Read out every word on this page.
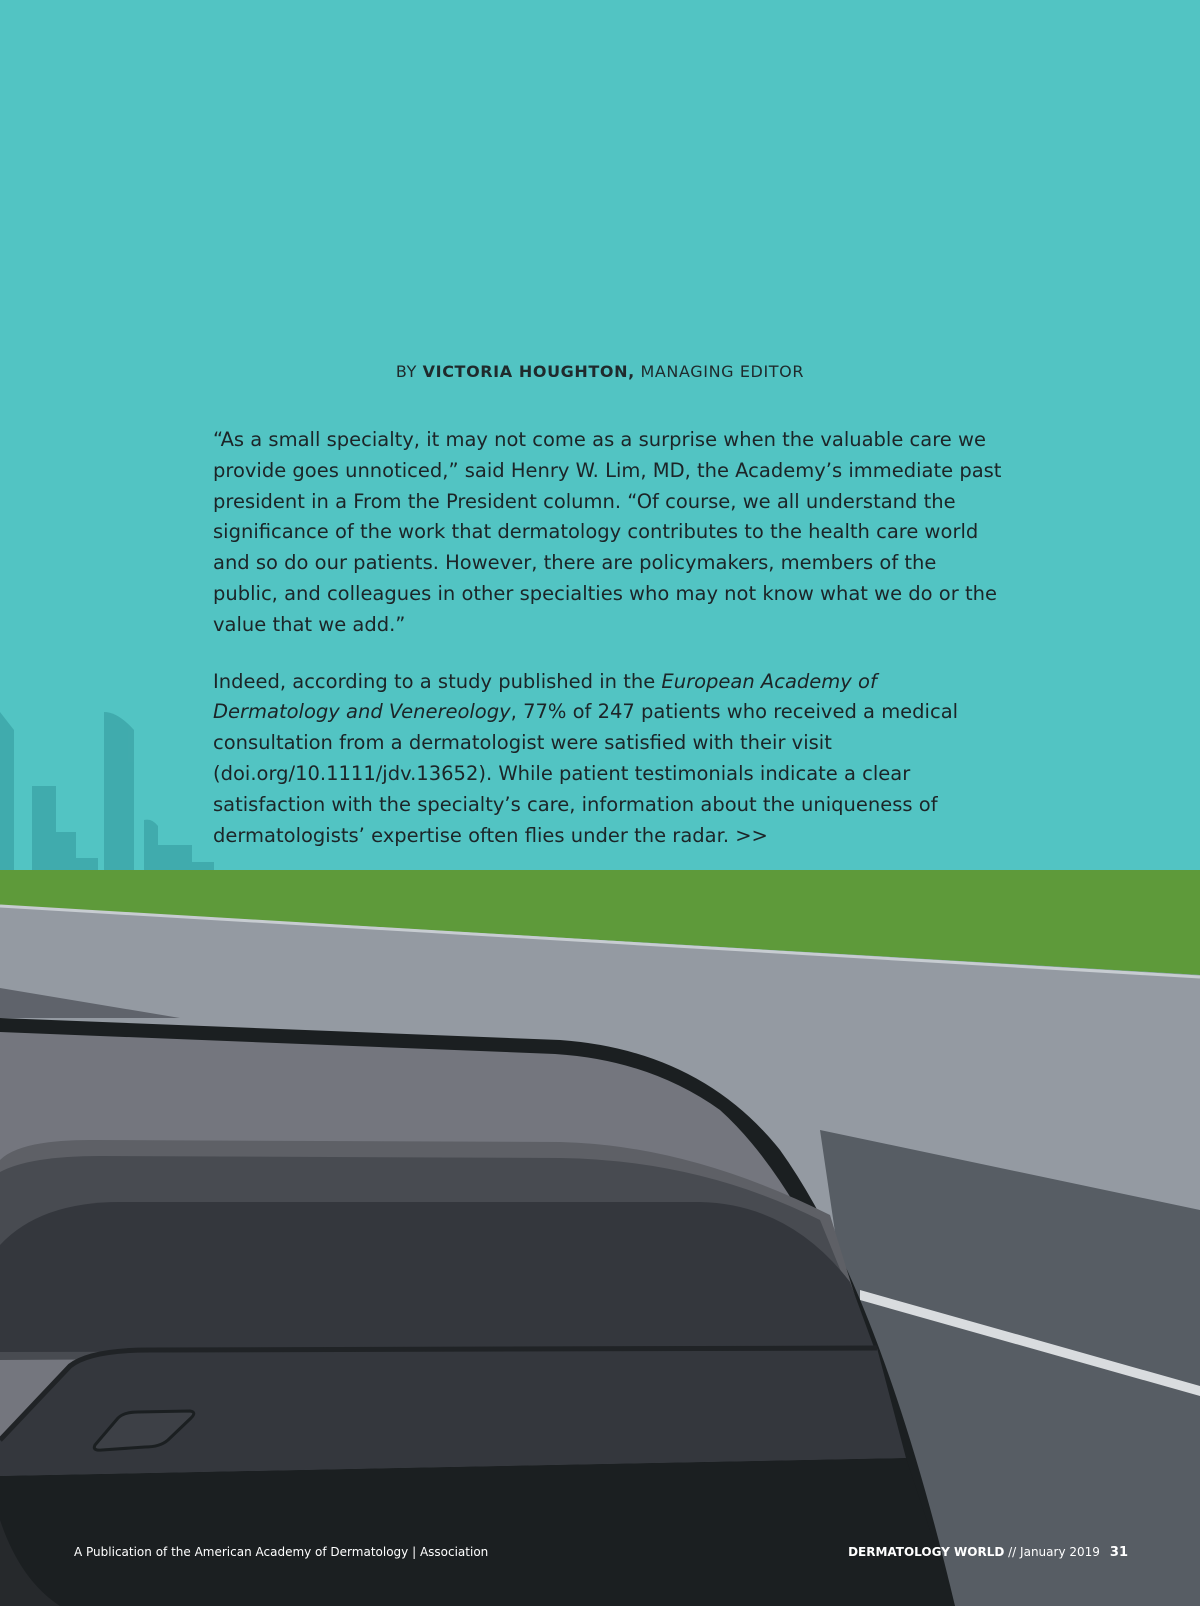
BY VICTORIA HOUGHTON, MANAGING EDITOR

“As a small specialty, it may not come as a surprise when the valuable care we provide goes unnoticed,” said Henry W. Lim, MD, the Academy’s immediate past president in a From the President column. “Of course, we all understand the significance of the work that dermatology contributes to the health care world and so do our patients. However, there are policymakers, members of the public, and colleagues in other specialties who may not know what we do or the value that we add.”

Indeed, according to a study published in the European Academy of Dermatology and Venereology, 77% of 247 patients who received a medical consultation from a dermatologist were satisfied with their visit (doi.org/10.1111/jdv.13652). While patient testimonials indicate a clear satisfaction with the specialty’s care, information about the uniqueness of dermatologists’ expertise often flies under the radar. >>

A Publication of the American Academy of Dermatology | Association	DERMATOLOGY WORLD // January 2019 31
